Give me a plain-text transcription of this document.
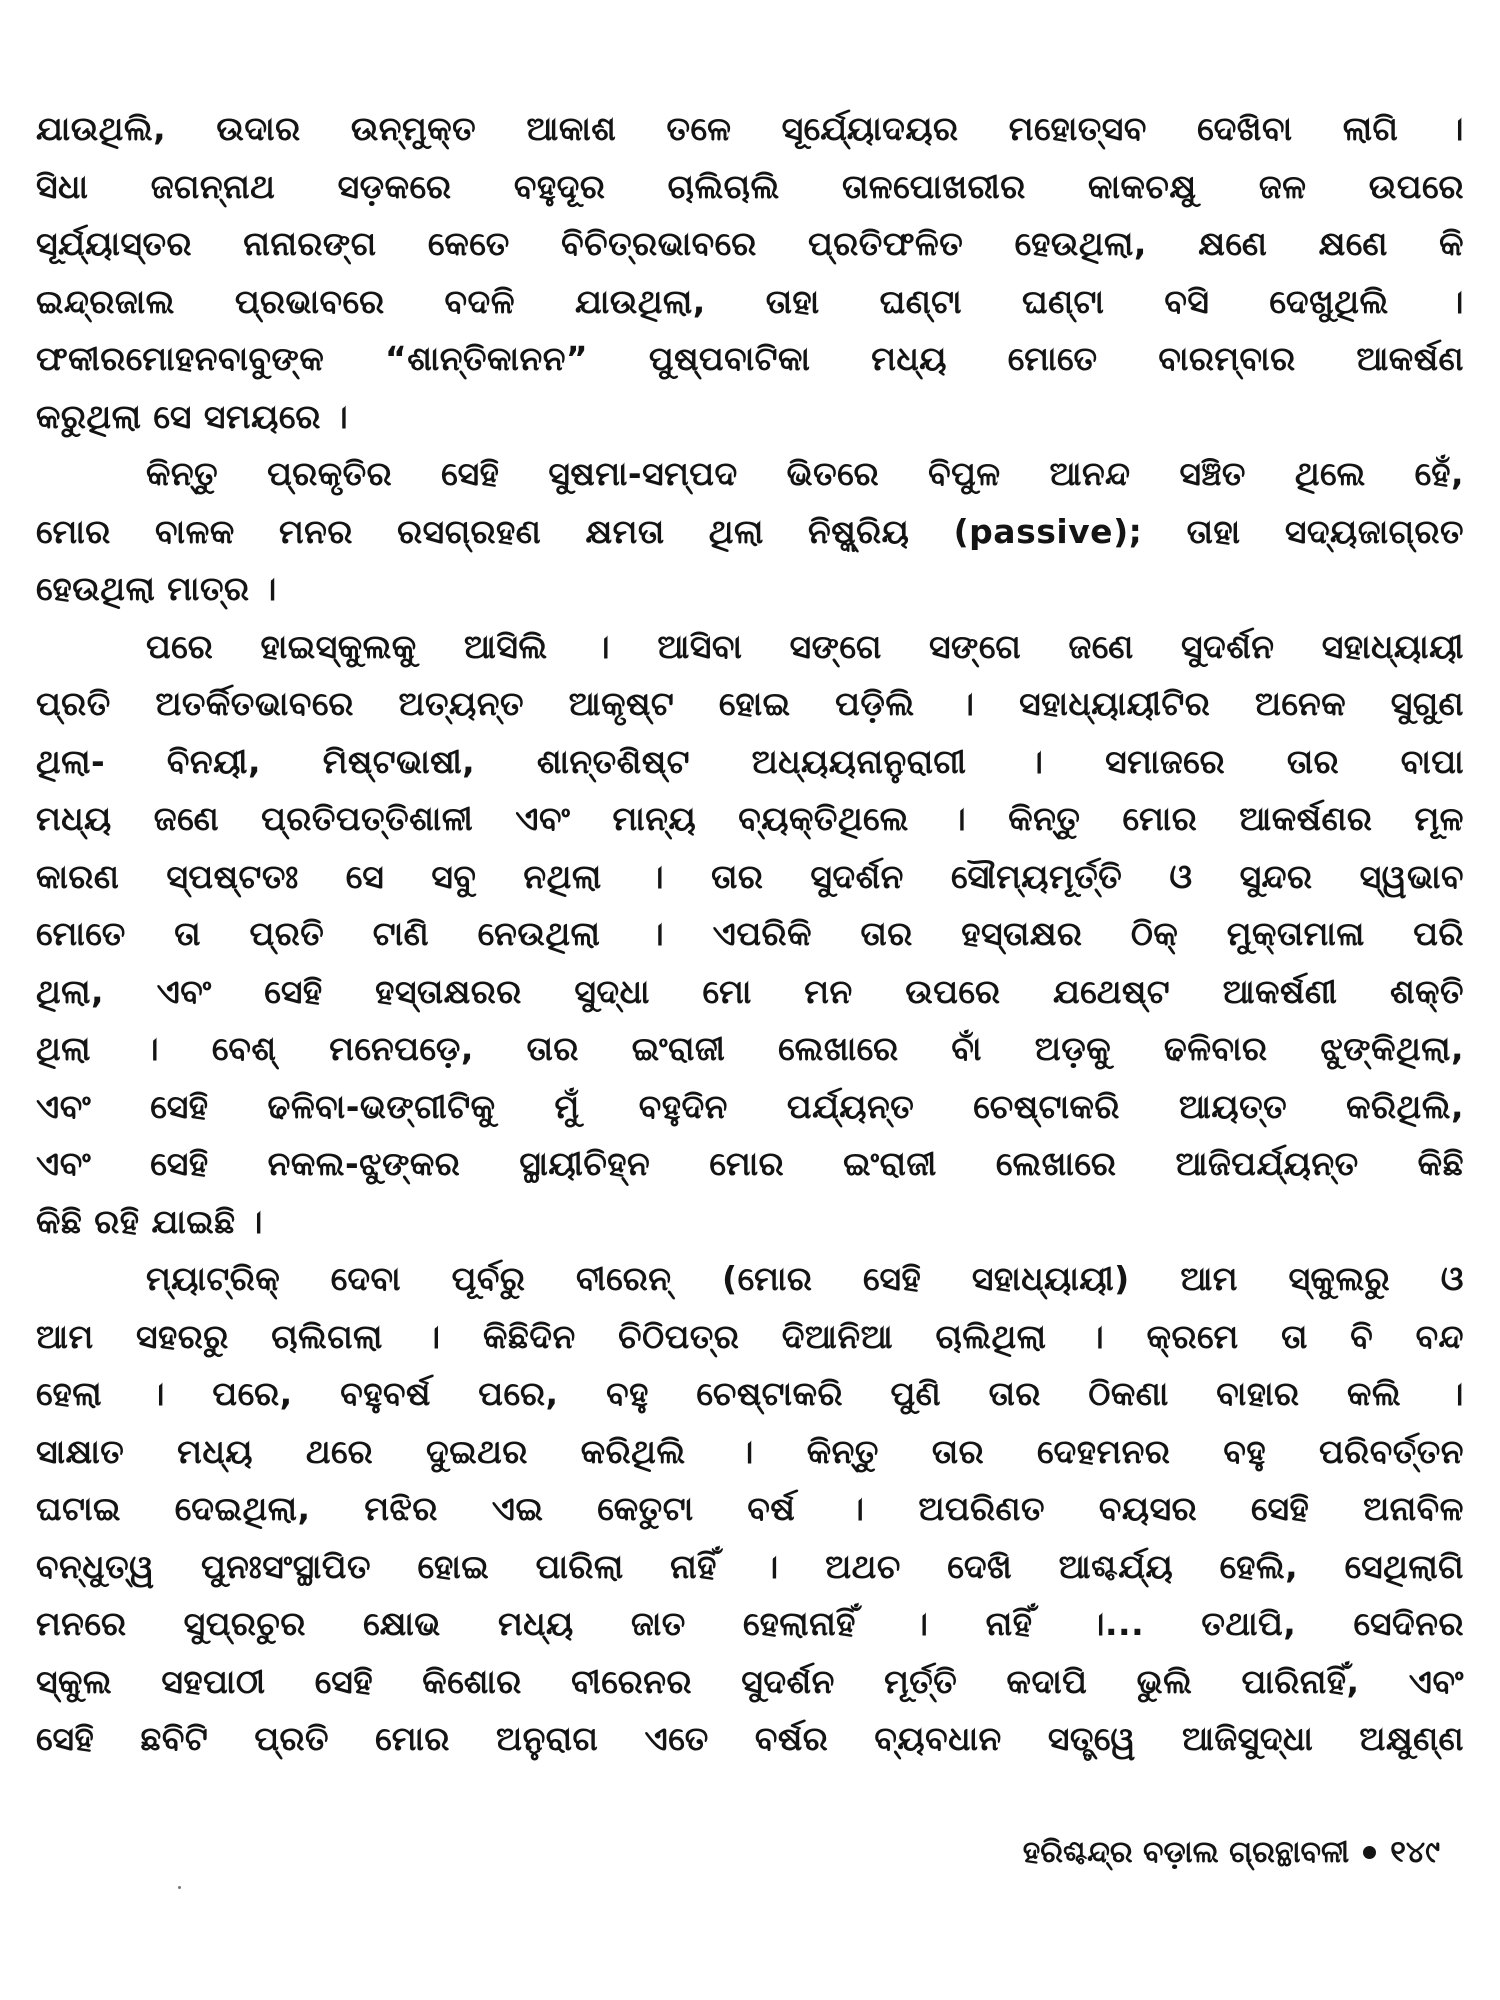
ଯାଉଥିଲି, ଉଦାର ଉନ୍ମୁକ୍ତ ଆକାଶ ତଳେ ସୂର୍ଯ୍ୟୋଦୟର ମହୋତ୍ସବ ଦେଖିବା ଲାଗି ।
ସିଧା ଜଗନ୍ନାଥ ସଡ଼କରେ ବହୁଦୂର ଚାଲିଚାଲି ତାଳପୋଖରୀର କାକଚକ୍ଷୁ ଜଳ ଉପରେ
ସୂର୍ଯ୍ୟାସ୍ତର ନାନାରଙ୍ଗ କେତେ ବିଚିତ୍ରଭାବରେ ପ୍ରତିଫଳିତ ହେଉଥିଲା, କ୍ଷଣେ କ୍ଷଣେ କି
ଇନ୍ଦ୍ରଜାଲ ପ୍ରଭାବରେ ବଦଳି ଯାଉଥିଲା, ତାହା ଘଣ୍ଟା ଘଣ୍ଟା ବସି ଦେଖୁଥିଲି ।
ଫକୀରମୋହନବାବୁଙ୍କ “ଶାନ୍ତିକାନନ” ପୁଷ୍ପବାଟିକା ମଧ୍ୟ ମୋତେ ବାରମ୍ବାର ଆକର୍ଷଣ
କରୁଥିଲା ସେ ସମୟରେ ।
କିନ୍ତୁ ପ୍ରକୃତିର ସେହି ସୁଷମା-ସମ୍ପଦ ଭିତରେ ବିପୁଳ ଆନନ୍ଦ ସଞ୍ଚିତ ଥିଲେ ହେଁ,
ମୋର ବାଳକ ମନର ରସଗ୍ରହଣ କ୍ଷମତା ଥିଲା ନିଷ୍କ୍ରିୟ (passive); ତାହା ସଦ୍ୟଜାଗ୍ରତ
ହେଉଥିଲା ମାତ୍ର ।
ପରେ ହାଇସ୍କୁଲକୁ ଆସିଲି । ଆସିବା ସଙ୍ଗେ ସଙ୍ଗେ ଜଣେ ସୁଦର୍ଶନ ସହାଧ୍ୟାୟୀ
ପ୍ରତି ଅତର୍କିତଭାବରେ ଅତ୍ୟନ୍ତ ଆକୃଷ୍ଟ ହୋଇ ପଡ଼ିଲି । ସହାଧ୍ୟାୟୀଟିର ଅନେକ ସୁଗୁଣ
ଥିଲା- ବିନୟୀ, ମିଷ୍ଟଭାଷୀ, ଶାନ୍ତଶିଷ୍ଟ ଅଧ୍ୟୟନାନୁରାଗୀ । ସମାଜରେ ତାର ବାପା
ମଧ୍ୟ ଜଣେ ପ୍ରତିପତ୍ତିଶାଳୀ ଏବଂ ମାନ୍ୟ ବ୍ୟକ୍ତିଥିଲେ । କିନ୍ତୁ ମୋର ଆକର୍ଷଣର ମୂଳ
କାରଣ ସ୍ପଷ୍ଟତଃ ସେ ସବୁ ନଥିଲା । ତାର ସୁଦର୍ଶନ ସୌମ୍ୟମୂର୍ତ୍ତି ଓ ସୁନ୍ଦର ସ୍ୱଭାବ
ମୋତେ ତା ପ୍ରତି ଟାଣି ନେଉଥିଲା । ଏପରିକି ତାର ହସ୍ତାକ୍ଷର ଠିକ୍ ମୁକ୍ତାମାଳା ପରି
ଥିଲା, ଏବଂ ସେହି ହସ୍ତାକ୍ଷରର ସୁଦ୍ଧା ମୋ ମନ ଉପରେ ଯଥେଷ୍ଟ ଆକର୍ଷଣୀ ଶକ୍ତି
ଥିଲା । ବେଶ୍ ମନେପଡ଼େ, ତାର ଇଂରାଜୀ ଲେଖାରେ ବାଁ ଅଡ଼କୁ ଢଳିବାର ଝୁଙ୍କିଥିଲା,
ଏବଂ ସେହି ଢଳିବା-ଭଙ୍ଗୀଟିକୁ ମୁଁ ବହୁଦିନ ପର୍ଯ୍ୟନ୍ତ ଚେଷ୍ଟାକରି ଆୟତ୍ତ କରିଥିଲି,
ଏବଂ ସେହି ନକଲ-ଝୁଙ୍କର ସ୍ଥାୟୀଚିହ୍ନ ମୋର ଇଂରାଜୀ ଲେଖାରେ ଆଜିପର୍ଯ୍ୟନ୍ତ କିଛି
କିଛି ରହି ଯାଇଛି ।
ମ୍ୟାଟ୍ରିକ୍ ଦେବା ପୂର୍ବରୁ ବୀରେନ୍ (ମୋର ସେହି ସହାଧ୍ୟାୟୀ) ଆମ ସ୍କୁଲରୁ ଓ
ଆମ ସହରରୁ ଚାଲିଗଲା । କିଛିଦିନ ଚିଠିପତ୍ର ଦିଆନିଆ ଚାଲିଥିଲା । କ୍ରମେ ତା ବି ବନ୍ଦ
ହେଲା । ପରେ, ବହୁବର୍ଷ ପରେ, ବହୁ ଚେଷ୍ଟାକରି ପୁଣି ତାର ଠିକଣା ବାହାର କଲି ।
ସାକ୍ଷାତ ମଧ୍ୟ ଥରେ ଦୁଇଥର କରିଥିଲି । କିନ୍ତୁ ତାର ଦେହମନର ବହୁ ପରିବର୍ତ୍ତନ
ଘଟାଇ ଦେଇଥିଲା, ମଝିର ଏଇ କେତୁଟା ବର୍ଷ । ଅପରିଣତ ବୟସର ସେହି ଅନାବିଳ
ବନ୍ଧୁତ୍ୱ ପୁନଃସଂସ୍ଥାପିତ ହୋଇ ପାରିଲା ନାହିଁ । ଅଥଚ ଦେଖି ଆଶ୍ଚର୍ଯ୍ୟ ହେଲି, ସେଥିଲାଗି
ମନରେ ସୁପ୍ରଚୁର କ୍ଷୋଭ ମଧ୍ୟ ଜାତ ହେଲାନାହିଁ । ନାହିଁ ।... ତଥାପି, ସେଦିନର
ସ୍କୁଲ ସହପାଠୀ ସେହି କିଶୋର ବୀରେନର ସୁଦର୍ଶନ ମୂର୍ତ୍ତି କଦାପି ଭୁଲି ପାରିନାହିଁ, ଏବଂ
ସେହି ଛବିଟି ପ୍ରତି ମୋର ଅନୁରାଗ ଏତେ ବର୍ଷର ବ୍ୟବଧାନ ସତ୍ତ୍ୱେ ଆଜିସୁଦ୍ଧା ଅକ୍ଷୁଣ୍ଣ
ହରିଶ୍ଚନ୍ଦ୍ର ବଡ଼ାଲ ଗ୍ରନ୍ଥାବଳୀ ୧୪୯
